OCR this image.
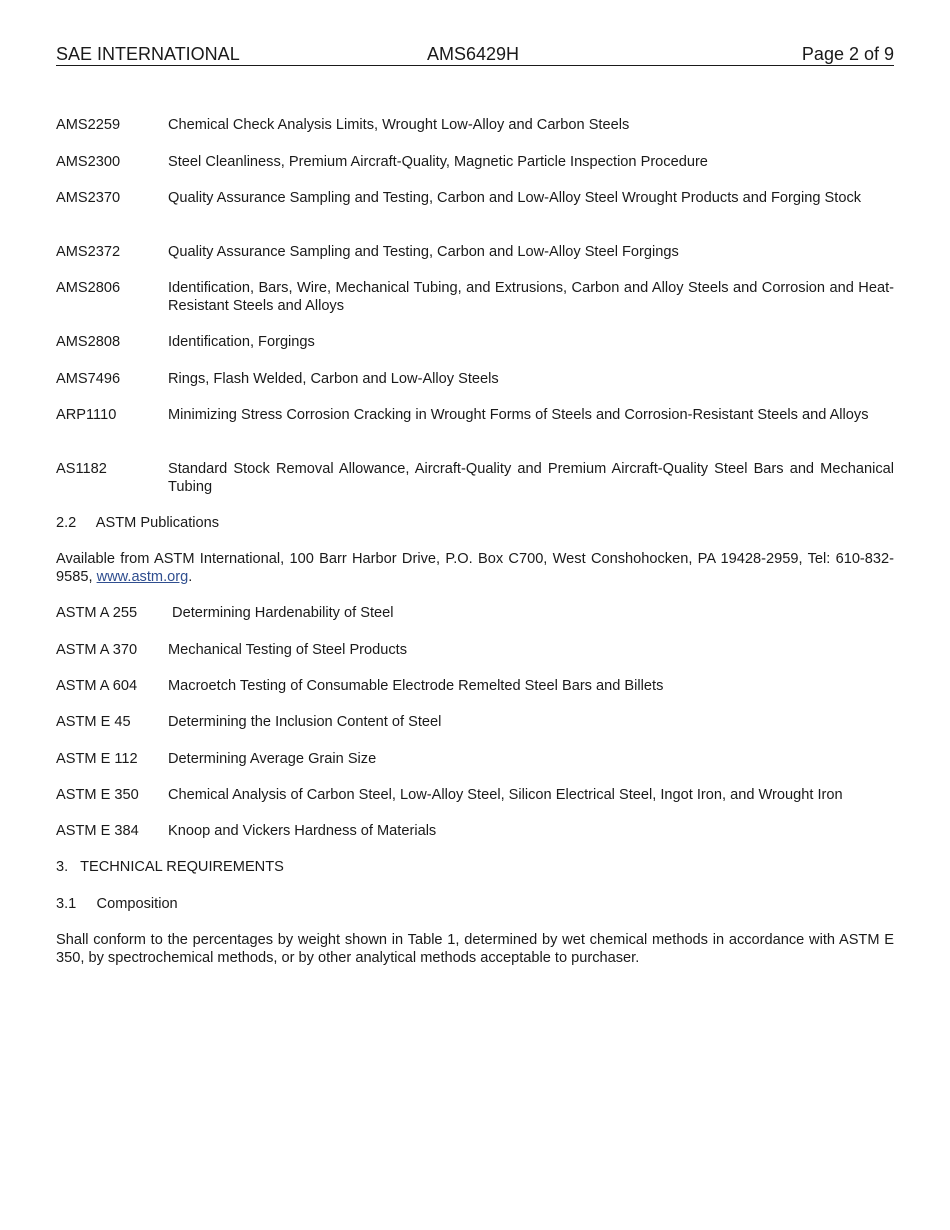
SAE INTERNATIONAL	AMS6429H	Page 2 of 9
AMS2259	Chemical Check Analysis Limits, Wrought Low-Alloy and Carbon Steels
AMS2300	Steel Cleanliness, Premium Aircraft-Quality, Magnetic Particle Inspection Procedure
AMS2370	Quality Assurance Sampling and Testing, Carbon and Low-Alloy Steel Wrought Products and Forging Stock
AMS2372	Quality Assurance Sampling and Testing, Carbon and Low-Alloy Steel Forgings
AMS2806	Identification, Bars, Wire, Mechanical Tubing, and Extrusions, Carbon and Alloy Steels and Corrosion and Heat-Resistant Steels and Alloys
AMS2808	Identification, Forgings
AMS7496	Rings, Flash Welded, Carbon and Low-Alloy Steels
ARP1110	Minimizing Stress Corrosion Cracking in Wrought Forms of Steels and Corrosion-Resistant Steels and Alloys
AS1182	Standard Stock Removal Allowance, Aircraft-Quality and Premium Aircraft-Quality Steel Bars and Mechanical Tubing
2.2     ASTM Publications
Available from ASTM International, 100 Barr Harbor Drive, P.O. Box C700, West Conshohocken, PA 19428-2959, Tel: 610-832-9585, www.astm.org.
ASTM A 255 Determining Hardenability of Steel
ASTM A 370 Mechanical Testing of Steel Products
ASTM A 604 Macroetch Testing of Consumable Electrode Remelted Steel Bars and Billets
ASTM E 45	Determining the Inclusion Content of Steel
ASTM E 112 Determining Average Grain Size
ASTM E 350 Chemical Analysis of Carbon Steel, Low-Alloy Steel, Silicon Electrical Steel, Ingot Iron, and Wrought Iron
ASTM E 384 Knoop and Vickers Hardness of Materials
3.   TECHNICAL REQUIREMENTS
3.1     Composition
Shall conform to the percentages by weight shown in Table 1, determined by wet chemical methods in accordance with ASTM E 350, by spectrochemical methods, or by other analytical methods acceptable to purchaser.
